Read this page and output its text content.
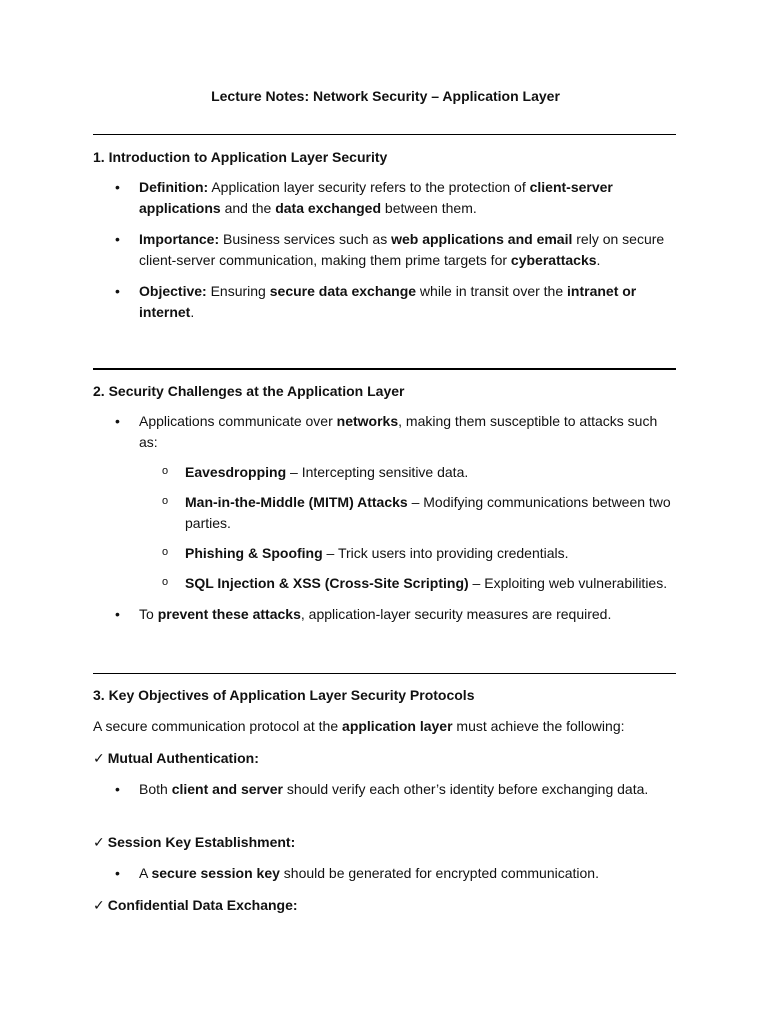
Lecture Notes: Network Security – Application Layer
1. Introduction to Application Layer Security
• Definition: Application layer security refers to the protection of client-server applications and the data exchanged between them.
• Importance: Business services such as web applications and email rely on secure client-server communication, making them prime targets for cyberattacks.
• Objective: Ensuring secure data exchange while in transit over the intranet or internet.
2. Security Challenges at the Application Layer
• Applications communicate over networks, making them susceptible to attacks such as:
o Eavesdropping – Intercepting sensitive data.
o Man-in-the-Middle (MITM) Attacks – Modifying communications between two parties.
o Phishing & Spoofing – Trick users into providing credentials.
o SQL Injection & XSS (Cross-Site Scripting) – Exploiting web vulnerabilities.
• To prevent these attacks, application-layer security measures are required.
3. Key Objectives of Application Layer Security Protocols
A secure communication protocol at the application layer must achieve the following:
✓ Mutual Authentication:
• Both client and server should verify each other’s identity before exchanging data.
✓ Session Key Establishment:
• A secure session key should be generated for encrypted communication.
✓ Confidential Data Exchange:
